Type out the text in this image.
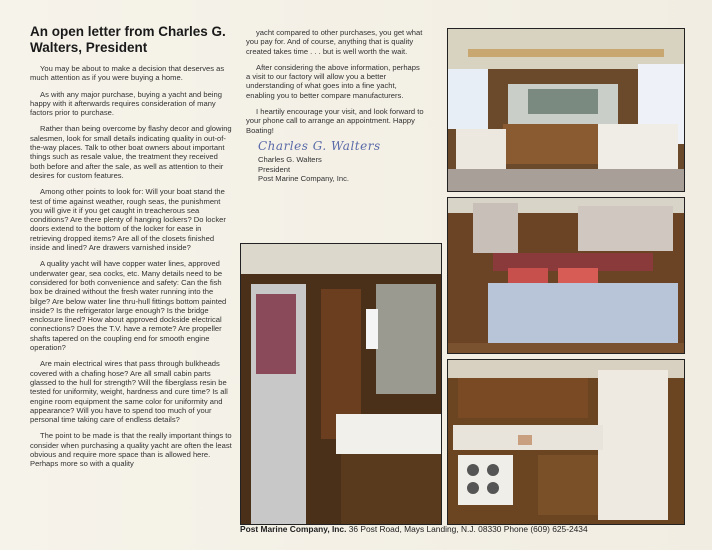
An open letter from Charles G. Walters, President

You may be about to make a decision that deserves as much attention as if you were buying a home.

As with any major purchase, buying a yacht and being happy with it afterwards requires consideration of many factors prior to purchase.

Rather than being overcome by flashy decor and glowing salesmen, look for small details indicating quality in out-of-the-way places. Talk to other boat owners about important things such as resale value, the treatment they received both before and after the sale, as well as attention to their desires for custom features.

Among other points to look for: Will your boat stand the test of time against weather, rough seas, the punishment you will give it if you get caught in treacherous sea conditions? Are there plenty of hanging lockers? Do locker doors extend to the bottom of the locker for ease in retrieving dropped items? Are all of the closets finished inside and lined? Are drawers varnished inside?

A quality yacht will have copper water lines, approved underwater gear, sea cocks, etc. Many details need to be considered for both convenience and safety: Can the fish box be drained without the fresh water running into the bilge? Are below water line thru-hull fittings bottom painted inside? Is the refrigerator large enough? Is the bridge enclosure lined? How about approved dockside electrical connections? Does the T.V. have a remote? Are propeller shafts tapered on the coupling end for smooth engine operation?

Are main electrical wires that pass through bulkheads covered with a chafing hose? Are all small cabin parts glassed to the hull for strength? Will the fiberglass resin be tested for uniformity, weight, hardness and cure time? Is all engine room equipment the same color for uniformity and appearance? Will you have to spend too much of your personal time taking care of endless details?

The point to be made is that the really important things to consider when purchasing a quality yacht are often the least obvious and require more space than is allowed here. Perhaps more so with a quality

yacht compared to other purchases, you get what you pay for. And of course, anything that is quality created takes time . . . but is well worth the wait.

After considering the above information, perhaps a visit to our factory will allow you a better understanding of what goes into a fine yacht, enabling you to better compare manufacturers.

I heartily encourage your visit, and look forward to your phone call to arrange an appointment. Happy Boating!

Charles G. Walters
Charles G. Walters
President
Post Marine Company, Inc.
Post Marine Company, Inc. 36 Post Road, Mays Landing, N.J. 08330 Phone (609) 625-2434
